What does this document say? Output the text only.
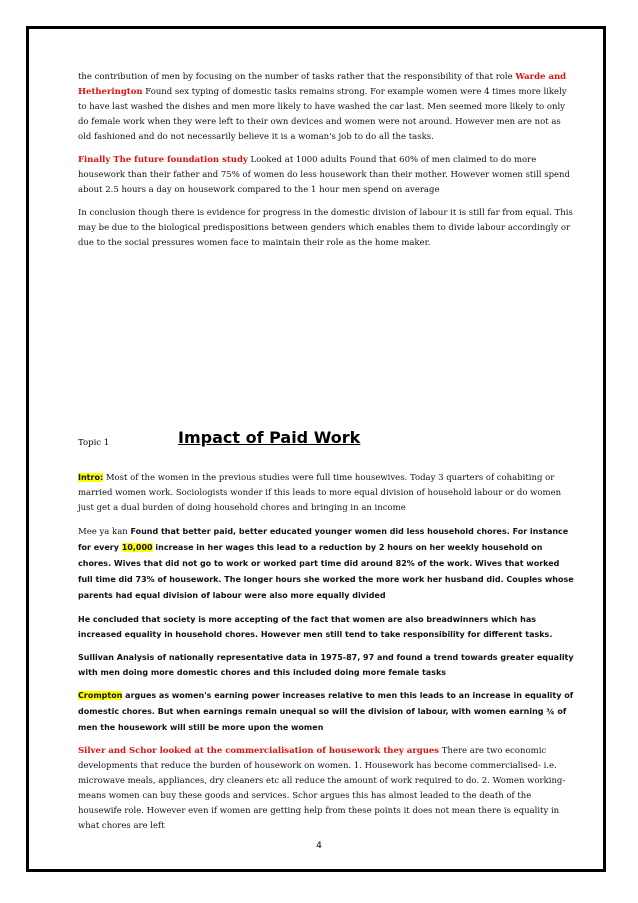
the contribution of men by focusing on the number of tasks rather that the responsibility of that role Warde and Hetherington Found sex typing of domestic tasks remains strong. For example women were 4 times more likely to have last washed the dishes and men more likely to have washed the car last. Men seemed more likely to only do female work when they were left to their own devices and women were not around. However men are not as old fashioned and do not necessarily believe it is a woman's job to do all the tasks.

Finally The future foundation study Looked at 1000 adults Found that 60% of men claimed to do more housework than their father and 75% of women do less housework than their mother. However women still spend about 2.5 hours a day on housework compared to the 1 hour men spend on average

In conclusion though there is evidence for progress in the domestic division of labour it is still far from equal. This may be due to the biological predispositions between genders which enables them to divide labour accordingly or due to the social pressures women face to maintain their role as the home maker.

Topic 1	Impact of Paid Work

Intro: Most of the women in the previous studies were full time housewives. Today 3 quarters of cohabiting or married women work. Sociologists wonder if this leads to more equal division of household labour or do women just get a dual burden of doing household chores and bringing in an income

Mee ya kan Found that better paid, better educated younger women did less household chores. For instance for every 10,000 increase in her wages this lead to a reduction by 2 hours on her weekly household on chores. Wives that did not go to work or worked part time did around 82% of the work. Wives that worked full time did 73% of housework. The longer hours she worked the more work her husband did. Couples whose parents had equal division of labour were also more equally divided

He concluded that society is more accepting of the fact that women are also breadwinners which has increased equality in household chores. However men still tend to take responsibility for different tasks.

Sullivan Analysis of nationally representative data in 1975-87, 97 and found a trend towards greater equality with men doing more domestic chores and this included doing more female tasks

Crompton argues as women's earning power increases relative to men this leads to an increase in equality of domestic chores. But when earnings remain unequal so will the division of labour, with women earning ¾ of men the housework will still be more upon the women

Silver and Schor looked at the commercialisation of housework they argues There are two economic developments that reduce the burden of housework on women. 1. Housework has become commercialised- i.e. microwave meals, appliances, dry cleaners etc all reduce the amount of work required to do. 2. Women working- means women can buy these goods and services. Schor argues this has almost leaded to the death of the housewife role. However even if women are getting help from these points it does not mean there is equality in what chores are left

4
